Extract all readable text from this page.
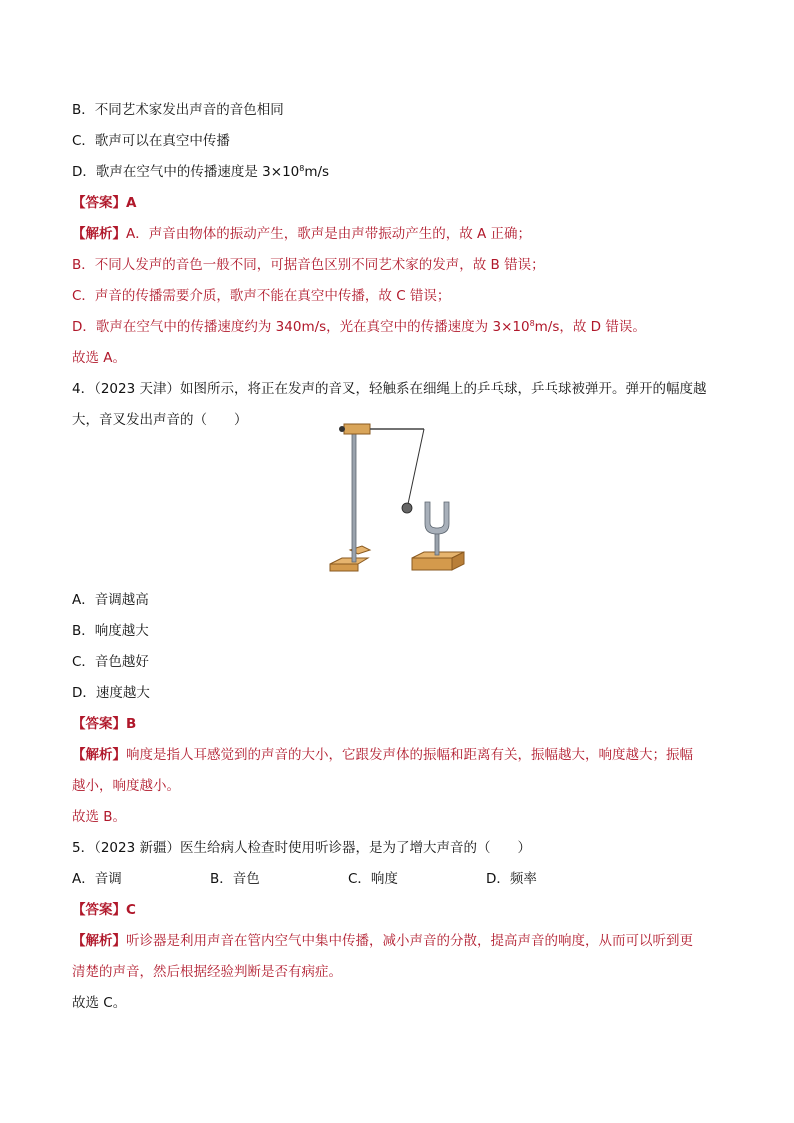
B．不同艺术家发出声音的音色相同
C．歌声可以在真空中传播
D．歌声在空气中的传播速度是 $3\times 10^8m/s$
【答案】A
【解析】A．声音由物体的振动产生，歌声是由声带振动产生的，故 A 正确；
B．不同人发声的音色一般不同，可据音色区别不同艺术家的发声，故 B 错误；
C．声音的传播需要介质，歌声不能在真空中传播，故 C 错误；
D．歌声在空气中的传播速度约为 340m/s，光在真空中的传播速度为 $3\times 10^8m/s$，故 D 错误。
故选 A。
4．（2023 天津）如图所示，将正在发声的音叉，轻触系在细绳上的乒乓球，乒乓球被弹开。弹开的幅度越
大，音叉发出声音的（　　）
A．音调越高
B．响度越大
C．音色越好
D．速度越大
【答案】B
【解析】响度是指人耳感觉到的声音的大小，它跟发声体的振幅和距离有关，振幅越大，响度越大；振幅
越小，响度越小。
故选 B。
5．（2023 新疆）医生给病人检查时使用听诊器，是为了增大声音的（　　）
A．音调	B．音色	C．响度	D．频率
【答案】C
【解析】听诊器是利用声音在管内空气中集中传播，减小声音的分散，提高声音的响度，从而可以听到更
清楚的声音，然后根据经验判断是否有病症。
故选 C。
